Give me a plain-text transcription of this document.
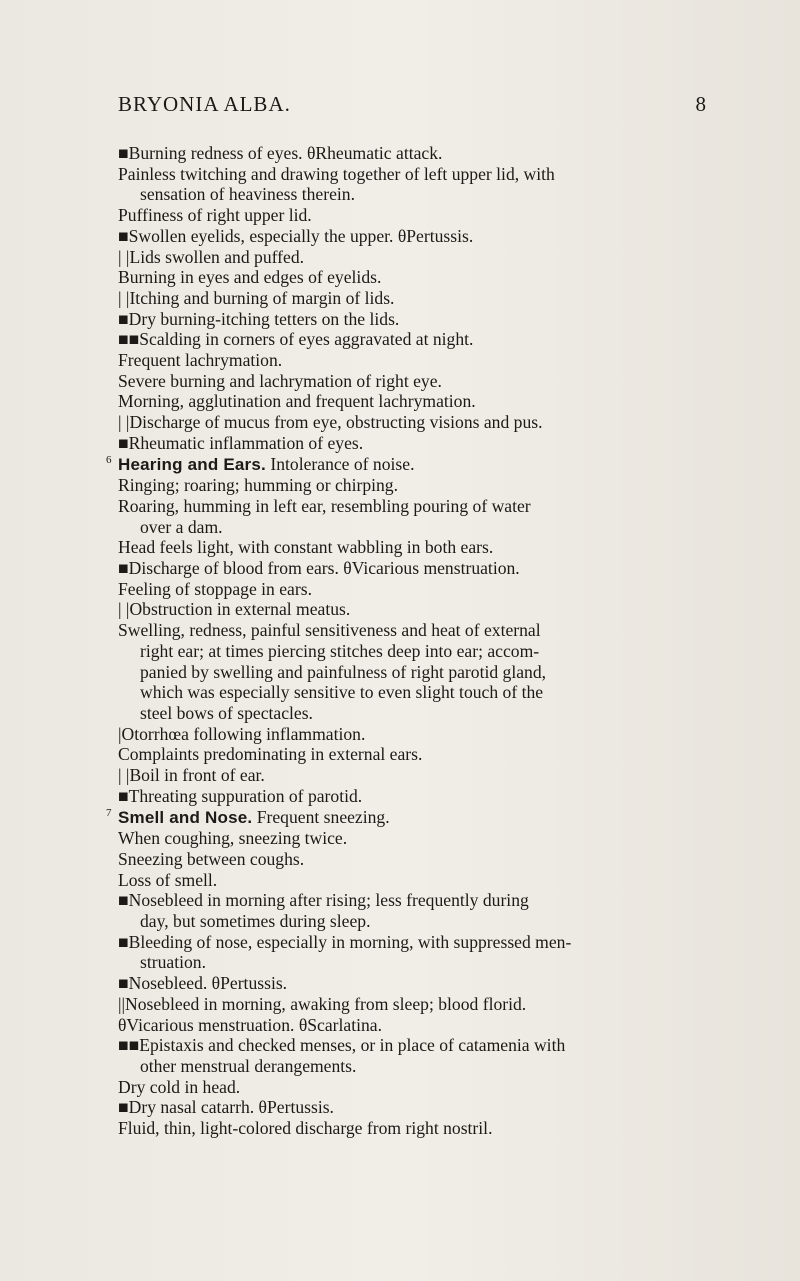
BRYONIA ALBA.	8
■Burning redness of eyes. θRheumatic attack.
Painless twitching and drawing together of left upper lid, with
sensation of heaviness therein.
Puffiness of right upper lid.
■Swollen eyelids, especially the upper. θPertussis.
| |Lids swollen and puffed.
Burning in eyes and edges of eyelids.
| |Itching and burning of margin of lids.
■Dry burning-itching tetters on the lids.
■■Scalding in corners of eyes aggravated at night.
Frequent lachrymation.
Severe burning and lachrymation of right eye.
Morning, agglutination and frequent lachrymation.
| |Discharge of mucus from eye, obstructing visions and pus.
■Rheumatic inflammation of eyes.
6 Hearing and Ears. Intolerance of noise.
Ringing; roaring; humming or chirping.
Roaring, humming in left ear, resembling pouring of water
over a dam.
Head feels light, with constant wabbling in both ears.
■Discharge of blood from ears. θVicarious menstruation.
Feeling of stoppage in ears.
| |Obstruction in external meatus.
Swelling, redness, painful sensitiveness and heat of external
right ear; at times piercing stitches deep into ear; accom-
panied by swelling and painfulness of right parotid gland,
which was especially sensitive to even slight touch of the
steel bows of spectacles.
|Otorrhœa following inflammation.
Complaints predominating in external ears.
| |Boil in front of ear.
■Threating suppuration of parotid.
7 Smell and Nose. Frequent sneezing.
When coughing, sneezing twice.
Sneezing between coughs.
Loss of smell.
■Nosebleed in morning after rising; less frequently during
day, but sometimes during sleep.
■Bleeding of nose, especially in morning, with suppressed men-
struation.
■Nosebleed. θPertussis.
||Nosebleed in morning, awaking from sleep; blood florid.
θVicarious menstruation. θScarlatina.
■■Epistaxis and checked menses, or in place of catamenia with
other menstrual derangements.
Dry cold in head.
■Dry nasal catarrh. θPertussis.
Fluid, thin, light-colored discharge from right nostril.
